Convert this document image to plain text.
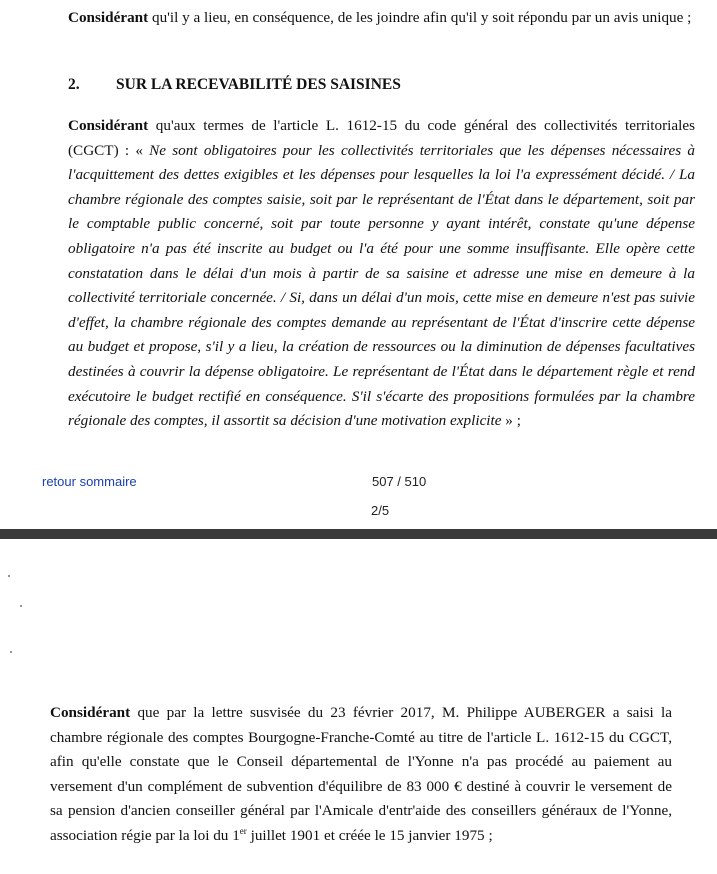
Considérant qu'il y a lieu, en conséquence, de les joindre afin qu'il y soit répondu par un avis unique ;
2. SUR LA RECEVABILITÉ DES SAISINES
Considérant qu'aux termes de l'article L. 1612-15 du code général des collectivités territoriales (CGCT) : « Ne sont obligatoires pour les collectivités territoriales que les dépenses nécessaires à l'acquittement des dettes exigibles et les dépenses pour lesquelles la loi l'a expressément décidé. / La chambre régionale des comptes saisie, soit par le représentant de l'État dans le département, soit par le comptable public concerné, soit par toute personne y ayant intérêt, constate qu'une dépense obligatoire n'a pas été inscrite au budget ou l'a été pour une somme insuffisante. Elle opère cette constatation dans le délai d'un mois à partir de sa saisine et adresse une mise en demeure à la collectivité territoriale concernée. / Si, dans un délai d'un mois, cette mise en demeure n'est pas suivie d'effet, la chambre régionale des comptes demande au représentant de l'État d'inscrire cette dépense au budget et propose, s'il y a lieu, la création de ressources ou la diminution de dépenses facultatives destinées à couvrir la dépense obligatoire. Le représentant de l'État dans le département règle et rend exécutoire le budget rectifié en conséquence. S'il s'écarte des propositions formulées par la chambre régionale des comptes, il assortit sa décision d'une motivation explicite » ;
retour sommaire	507 / 510
2/5
Considérant que par la lettre susvisée du 23 février 2017, M. Philippe AUBERGER a saisi la chambre régionale des comptes Bourgogne-Franche-Comté au titre de l'article L. 1612-15 du CGCT, afin qu'elle constate que le Conseil départemental de l'Yonne n'a pas procédé au paiement au versement d'un complément de subvention d'équilibre de 83 000 € destiné à couvrir le versement de sa pension d'ancien conseiller général par l'Amicale d'entr'aide des conseillers généraux de l'Yonne, association régie par la loi du 1er juillet 1901 et créée le 15 janvier 1975 ;
